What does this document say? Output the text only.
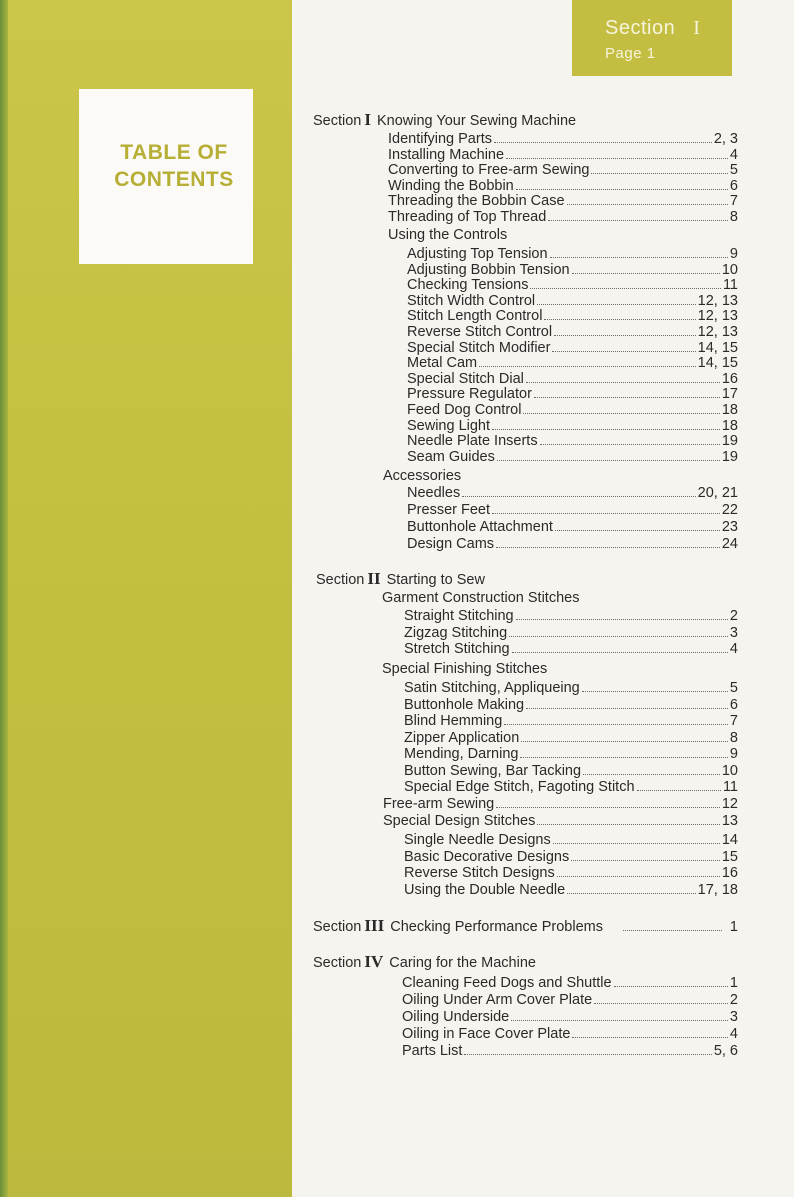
TABLE OF
CONTENTS
Section I
Page 1
Section I Knowing Your Sewing Machine
Identifying Parts	2, 3
Installing Machine	4
Converting to Free-arm Sewing	5
Winding the Bobbin	6
Threading the Bobbin Case	7
Threading of Top Thread	8
Using the Controls
Adjusting Top Tension	9
Adjusting Bobbin Tension	10
Checking Tensions	11
Stitch Width Control	12, 13
Stitch Length Control	12, 13
Reverse Stitch Control	12, 13
Special Stitch Modifier	14, 15
Metal Cam	14, 15
Special Stitch Dial	16
Pressure Regulator	17
Feed Dog Control	18
Sewing Light	18
Needle Plate Inserts	19
Seam Guides	19
Accessories
Needles	20, 21
Presser Feet	22
Buttonhole Attachment	23
Design Cams	24
Section II Starting to Sew
Garment Construction Stitches
Straight Stitching	2
Zigzag Stitching	3
Stretch Stitching	4
Special Finishing Stitches
Satin Stitching, Appliqueing	5
Buttonhole Making	6
Blind Hemming	7
Zipper Application	8
Mending, Darning	9
Button Sewing, Bar Tacking	10
Special Edge Stitch, Fagoting Stitch	11
Free-arm Sewing	12
Special Design Stitches	13
Single Needle Designs	14
Basic Decorative Designs	15
Reverse Stitch Designs	16
Using the Double Needle	17, 18
Section III Checking Performance Problems	1
Section IV Caring for the Machine
Cleaning Feed Dogs and Shuttle	1
Oiling Under Arm Cover Plate	2
Oiling Underside	3
Oiling in Face Cover Plate	4
Parts List	5, 6
